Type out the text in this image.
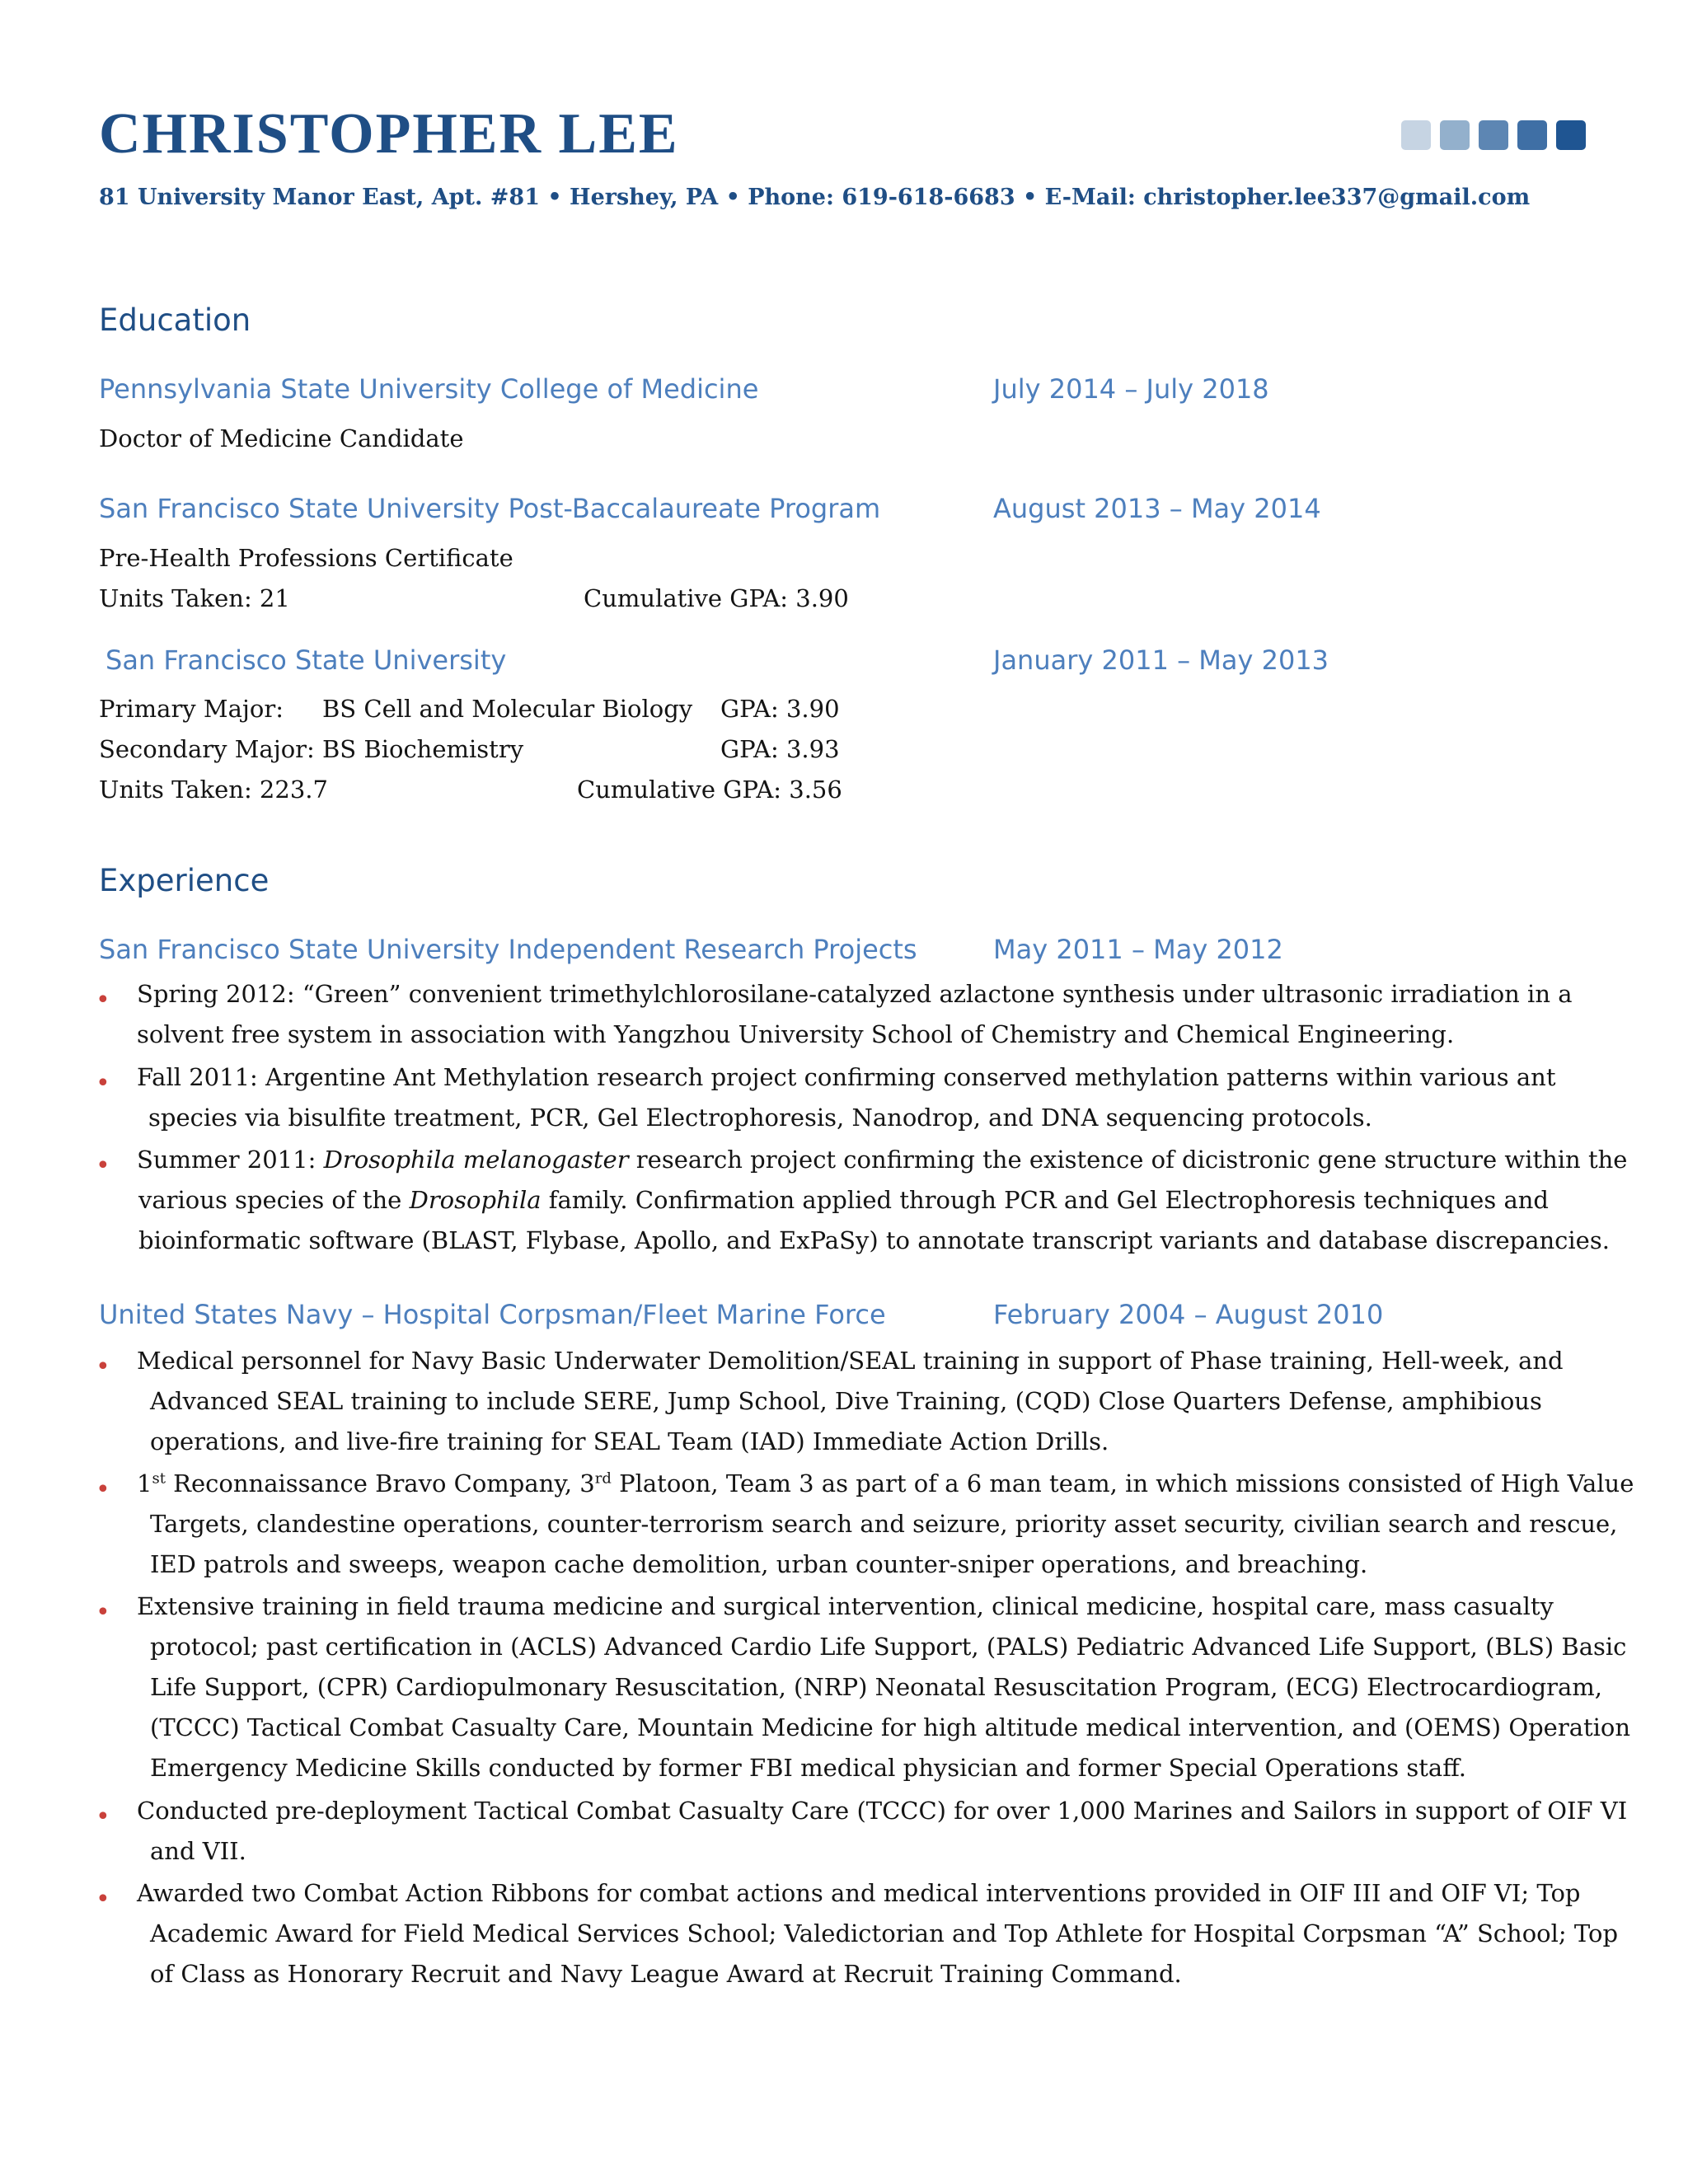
CHRISTOPHER LEE
81 University Manor East, Apt. #81 • Hershey, PA • Phone: 619-618-6683 • E-Mail: christopher.lee337@gmail.com
Education
Pennsylvania State University College of Medicine	July 2014 – July 2018
Doctor of Medicine Candidate
San Francisco State University Post-Baccalaureate Program	August 2013 – May 2014
Pre-Health Professions Certificate
Units Taken: 21	Cumulative GPA: 3.90
San Francisco State University	January 2011 – May 2013
Primary Major: BS Cell and Molecular Biology GPA: 3.90
Secondary Major: BS Biochemistry	GPA: 3.93
Units Taken: 223.7	Cumulative GPA: 3.56
Experience
San Francisco State University Independent Research Projects	May 2011 – May 2012
• Spring 2012: “Green” convenient trimethylchlorosilane-catalyzed azlactone synthesis under ultrasonic irradiation in a
solvent free system in association with Yangzhou University School of Chemistry and Chemical Engineering.
• Fall 2011: Argentine Ant Methylation research project confirming conserved methylation patterns within various ant
species via bisulfite treatment, PCR, Gel Electrophoresis, Nanodrop, and DNA sequencing protocols.
• Summer 2011: Drosophila melanogaster research project confirming the existence of dicistronic gene structure within the
various species of the Drosophila family. Confirmation applied through PCR and Gel Electrophoresis techniques and
bioinformatic software (BLAST, Flybase, Apollo, and ExPaSy) to annotate transcript variants and database discrepancies.
United States Navy – Hospital Corpsman/Fleet Marine Force	February 2004 – August 2010
• Medical personnel for Navy Basic Underwater Demolition/SEAL training in support of Phase training, Hell-week, and
Advanced SEAL training to include SERE, Jump School, Dive Training, (CQD) Close Quarters Defense, amphibious
operations, and live-fire training for SEAL Team (IAD) Immediate Action Drills.
• 1st Reconnaissance Bravo Company, 3rd Platoon, Team 3 as part of a 6 man team, in which missions consisted of High Value
Targets, clandestine operations, counter-terrorism search and seizure, priority asset security, civilian search and rescue,
IED patrols and sweeps, weapon cache demolition, urban counter-sniper operations, and breaching.
• Extensive training in field trauma medicine and surgical intervention, clinical medicine, hospital care, mass casualty
protocol; past certification in (ACLS) Advanced Cardio Life Support, (PALS) Pediatric Advanced Life Support, (BLS) Basic
Life Support, (CPR) Cardiopulmonary Resuscitation, (NRP) Neonatal Resuscitation Program, (ECG) Electrocardiogram,
(TCCC) Tactical Combat Casualty Care, Mountain Medicine for high altitude medical intervention, and (OEMS) Operation
Emergency Medicine Skills conducted by former FBI medical physician and former Special Operations staff.
• Conducted pre-deployment Tactical Combat Casualty Care (TCCC) for over 1,000 Marines and Sailors in support of OIF VI
and VII.
• Awarded two Combat Action Ribbons for combat actions and medical interventions provided in OIF III and OIF VI; Top
Academic Award for Field Medical Services School; Valedictorian and Top Athlete for Hospital Corpsman “A” School; Top
of Class as Honorary Recruit and Navy League Award at Recruit Training Command.
